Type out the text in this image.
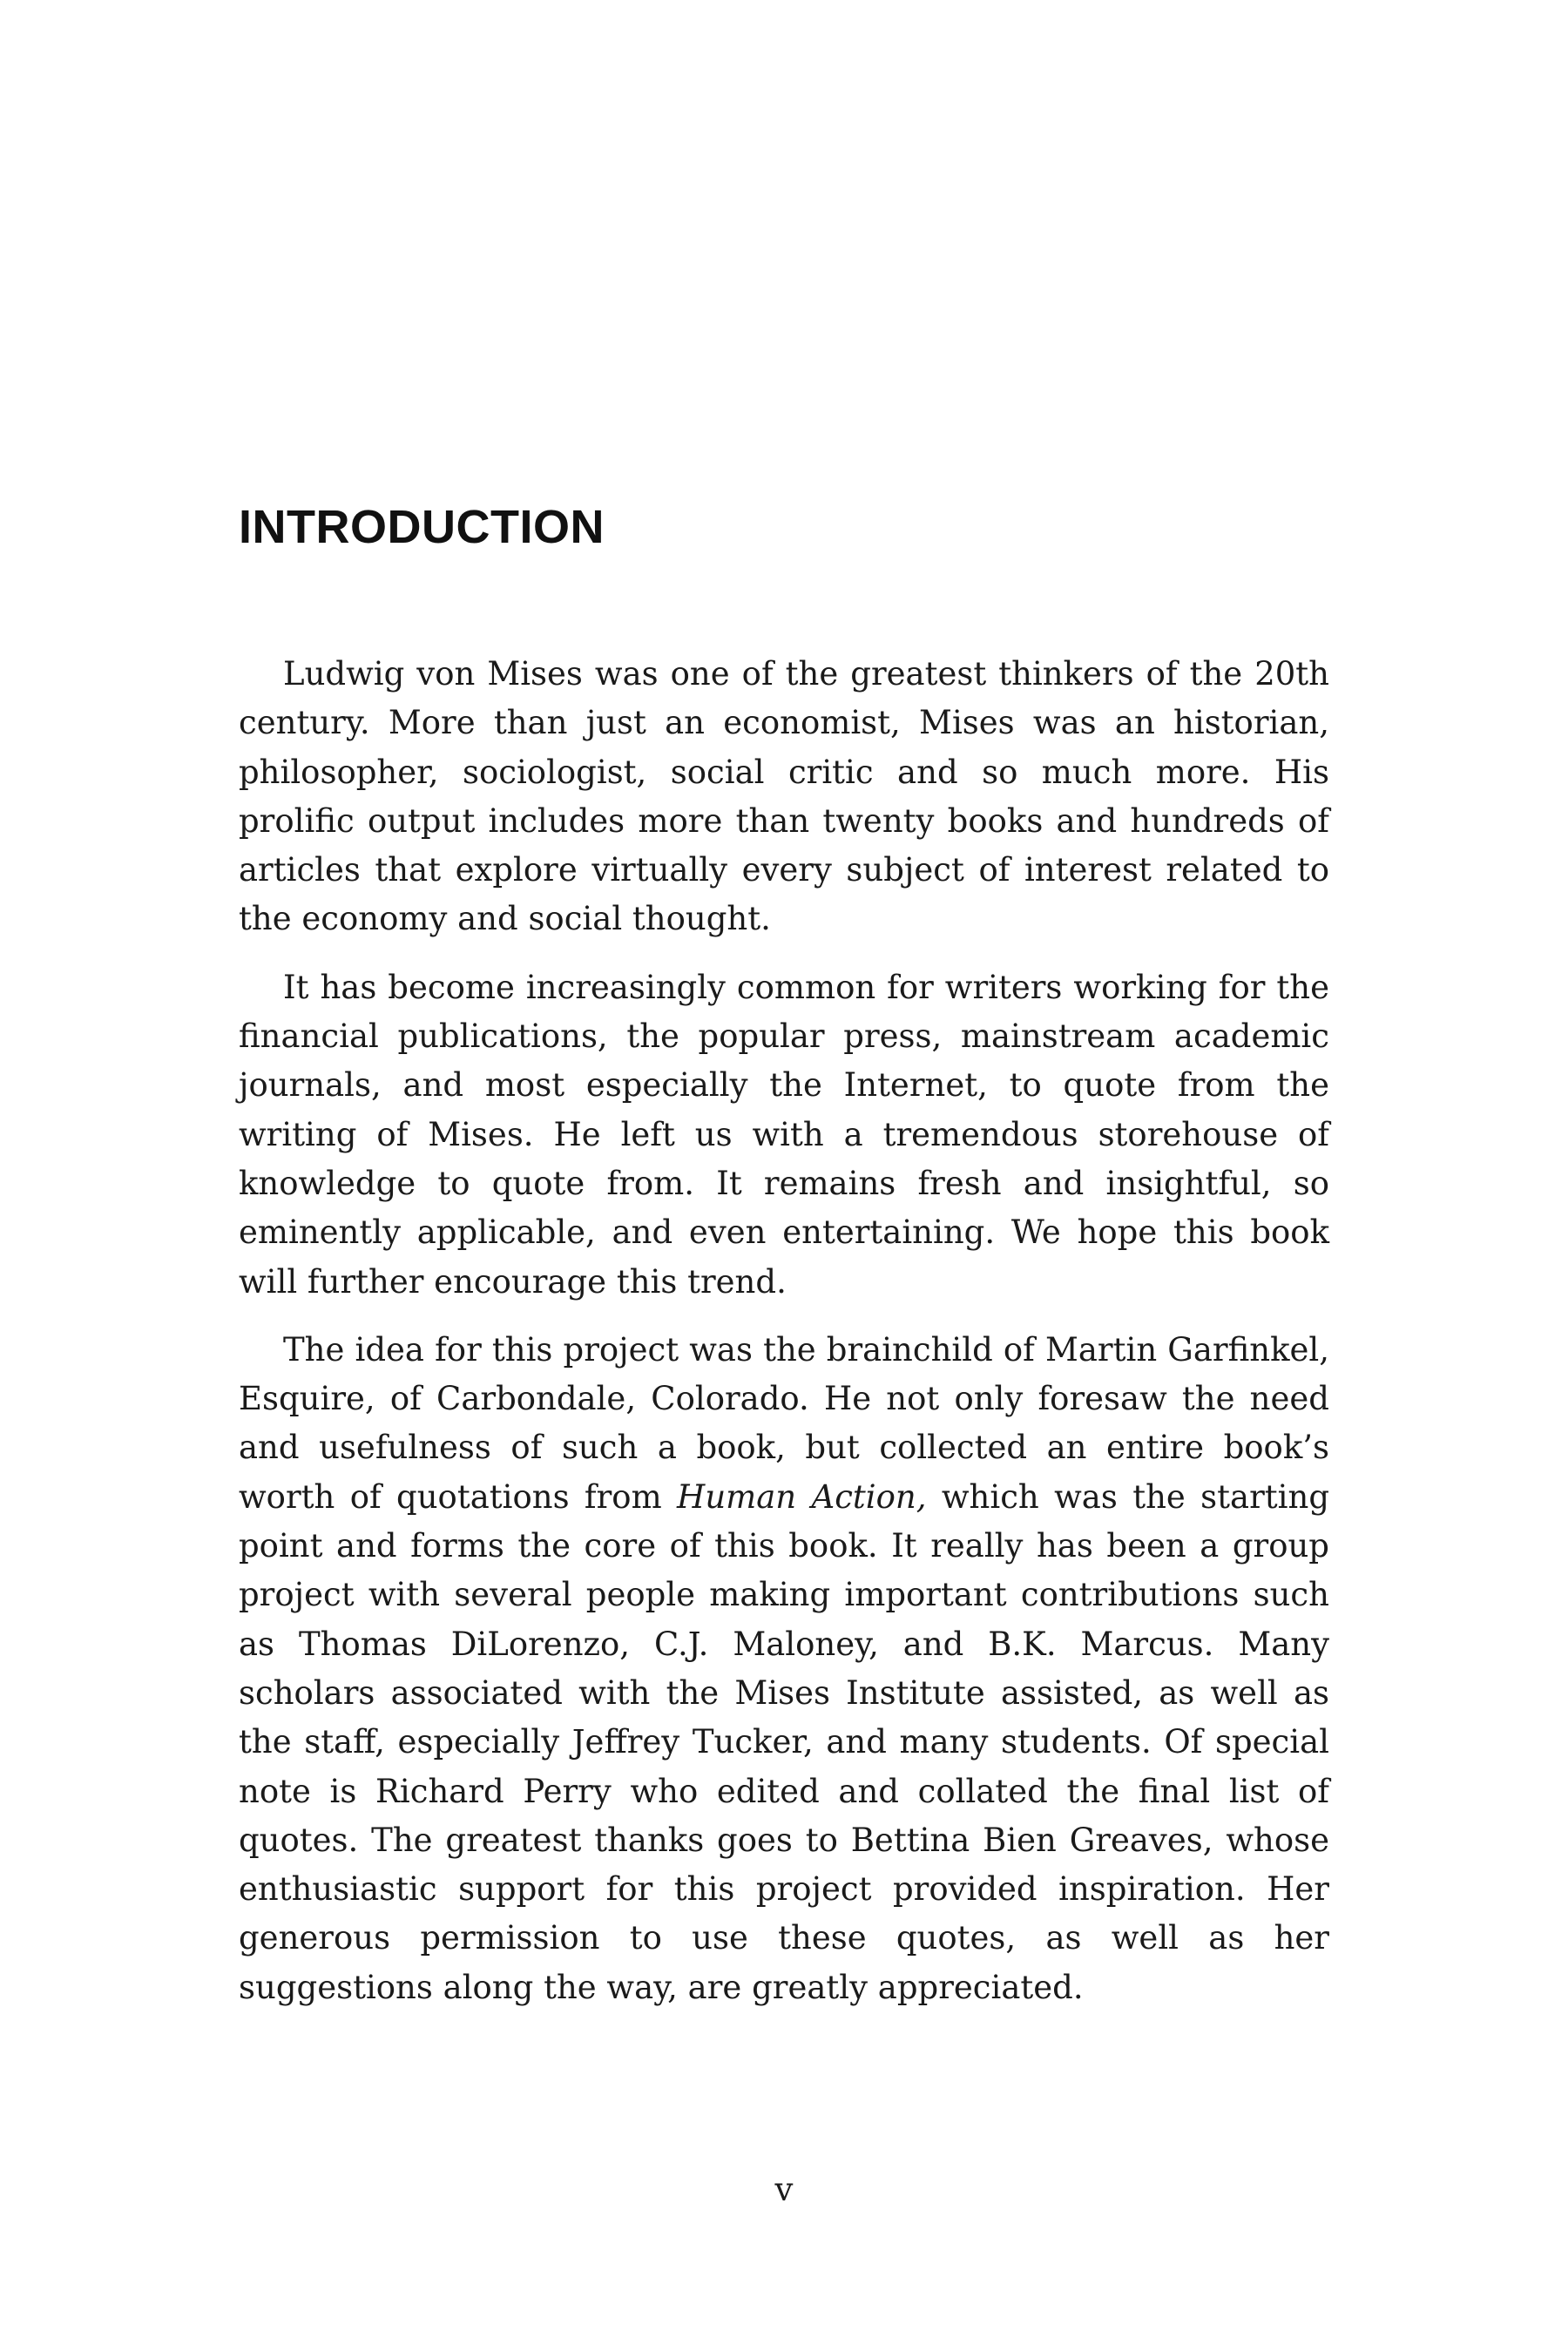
INTRODUCTION

Ludwig von Mises was one of the greatest thinkers of the 20th century. More than just an economist, Mises was an historian, philosopher, sociologist, social critic and so much more. His prolific output includes more than twenty books and hundreds of articles that explore virtually every subject of interest related to the economy and social thought.

It has become increasingly common for writers working for the financial publications, the popular press, mainstream academic journals, and most especially the Internet, to quote from the writing of Mises. He left us with a tremendous storehouse of knowledge to quote from. It remains fresh and insightful, so eminently applicable, and even entertaining. We hope this book will further encourage this trend.

The idea for this project was the brainchild of Martin Garfinkel, Esquire, of Carbondale, Colorado. He not only foresaw the need and usefulness of such a book, but collected an entire book’s worth of quotations from Human Action, which was the starting point and forms the core of this book. It really has been a group project with several people making important contributions such as Thomas DiLorenzo, C.J. Maloney, and B.K. Marcus. Many scholars associated with the Mises Institute assisted, as well as the staff, especially Jeffrey Tucker, and many students. Of special note is Richard Perry who edited and collated the final list of quotes. The greatest thanks goes to Bettina Bien Greaves, whose enthusiastic support for this project provided inspiration. Her generous permission to use these quotes, as well as her suggestions along the way, are greatly appreciated.

v
